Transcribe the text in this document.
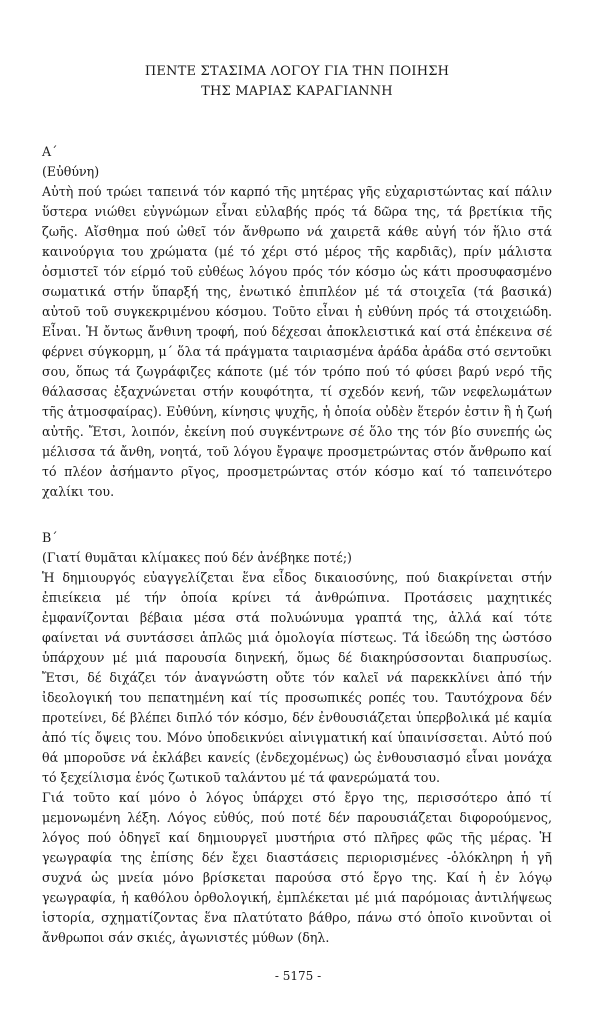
ΠΕΝΤΕ ΣΤΑΣΙΜΑ ΛΟΓΟΥ ΓΙΑ ΤΗΝ ΠΟΙΗΣΗ
ΤΗΣ ΜΑΡΙΑΣ ΚΑΡΑΓΙΑΝΝΗ
Α΄
(Εὐθύνη)

Αὐτὴ πού τρώει ταπεινά τόν καρπό τῆς μητέρας γῆς εὐχαριστώντας καί πάλιν ὕστερα νιώθει εὐγνώμων εἶναι εὐλαβής πρός τά δῶρα της, τά βρετίκια τῆς ζωῆς. Αἴσθημα πού ὠθεῖ τόν ἄνθρωπο νά χαιρετᾶ κάθε αὐγή τόν ἥλιο στά καινούργια του χρώματα (μέ τό χέρι στό μέρος τῆς καρδιᾶς), πρίν μάλιστα ὀσμιστεῖ τόν είρμό τοῦ εὐθέως λόγου πρός τόν κόσμο ὡς κάτι προσυφασμένο σωματικά στήν ὕπαρξή της, ἐνωτικό ἐπιπλέον μέ τά στοιχεῖα (τά βασικά) αὐτοῦ τοῦ συγκεκριμένου κόσμου. Τοῦτο εἶναι ἡ εὐθύνη πρός τά στοιχειώδη. Εἶναι. Ἡ ὄντως ἄνθινη τροφή, πού δέχεσαι ἀποκλειστικά καί στά ἐπέκεινα σέ φέρνει σύγκορμη, μ΄ ὅλα τά πράγματα ταιριασμένα ἀράδα ἀράδα στό σεντοῦκι σου, ὅπως τά ζωγράφιζες κάποτε (μέ τόν τρόπο πού τό φύσει βαρύ νερό τῆς θάλασσας ἐξαχνώνεται στήν κουφότητα, τί σχεδόν κενή, τῶν νεφελωμάτων τῆς ἀτμοσφαίρας). Εὐθύνη, κίνησις ψυχῆς, ἡ ὁποία οὐδὲν ἕτερόν ἐστιν ἢ ἡ ζωή αὐτῆς. Ἔτσι, λοιπόν, ἐκείνη πού συγκέντρωνε σέ ὅλο της τόν βίο συνεπής ὡς μέλισσα τά ἄνθη, νοητά, τοῦ λόγου ἔγραψε προσμετρώντας στόν ἄνθρωπο καί τό πλέον ἀσήμαντο ρῖγος, προσμετρώντας στόν κόσμο καί τό ταπεινότερο χαλίκι του.

Β΄
(Γιατί θυμᾶται κλίμακες πού δέν ἀνέβηκε ποτέ;)

Ἡ δημιουργός εὐαγγελίζεται ἕνα εἶδος δικαιοσύνης, πού διακρίνεται στήν ἐπιείκεια μέ τήν ὁποία κρίνει τά ἀνθρώπινα. Προτάσεις μαχητικές ἐμφανίζονται βέβαια μέσα στά πολυώνυμα γραπτά της, ἀλλά καί τότε φαίνεται νά συντάσσει ἁπλῶς μιά ὁμολογία πίστεως. Τά ἰδεώδη της ὡστόσο ὑπάρχουν μέ μιά παρουσία διηνεκή, ὅμως δέ διακηρύσσονται διαπρυσίως. Ἔτσι, δέ διχάζει τόν ἀναγνώστη οὔτε τόν καλεῖ νά παρεκκλίνει ἀπό τήν ἰδεολογική του πεπατημένη καί τίς προσωπικές ροπές του. Ταυτόχρονα δέν προτείνει, δέ βλέπει διπλό τόν κόσμο, δέν ἐνθουσιάζεται ὑπερβολικά μέ καμία ἀπό τίς ὄψεις του. Μόνο ὑποδεικνύει αἰνιγματική καί ὑπαινίσσεται. Αὐτό πού θά μποροῦσε νά ἐκλάβει κανείς (ἐνδεχομένως) ὡς ἐνθουσιασμό εἶναι μονάχα τό ξεχείλισμα ἑνός ζωτικοῦ ταλάντου μέ τά φανερώματά του.

Γιά τοῦτο καί μόνο ὁ λόγος ὑπάρχει στό ἔργο της, περισσότερο ἀπό τί μεμονωμένη λέξη. Λόγος εὐθύς, πού ποτέ δέν παρουσιάζεται διφορούμενος, λόγος πού ὁδηγεῖ καί δημιουργεῖ μυστήρια στό πλῆρες φῶς τῆς μέρας. Ἡ γεωγραφία της ἐπίσης δέν ἔχει διαστάσεις περιορισμένες -ὁλόκληρη ἡ γῆ συχνά ὡς μνεία μόνο βρίσκεται παρούσα στό ἔργο της. Καί ἡ ἐν λόγῳ γεωγραφία, ἡ καθόλου ὀρθολογική, ἐμπλέκεται μέ μιά παρόμοιας ἀντιλήψεως ἱστορία, σχηματίζοντας ἕνα πλατύτατο βάθρο, πάνω στό ὁποῖο κινοῦνται οἱ ἄνθρωποι σάν σκιές, ἀγωνιστές μύθων (δηλ.

- 5175 -
